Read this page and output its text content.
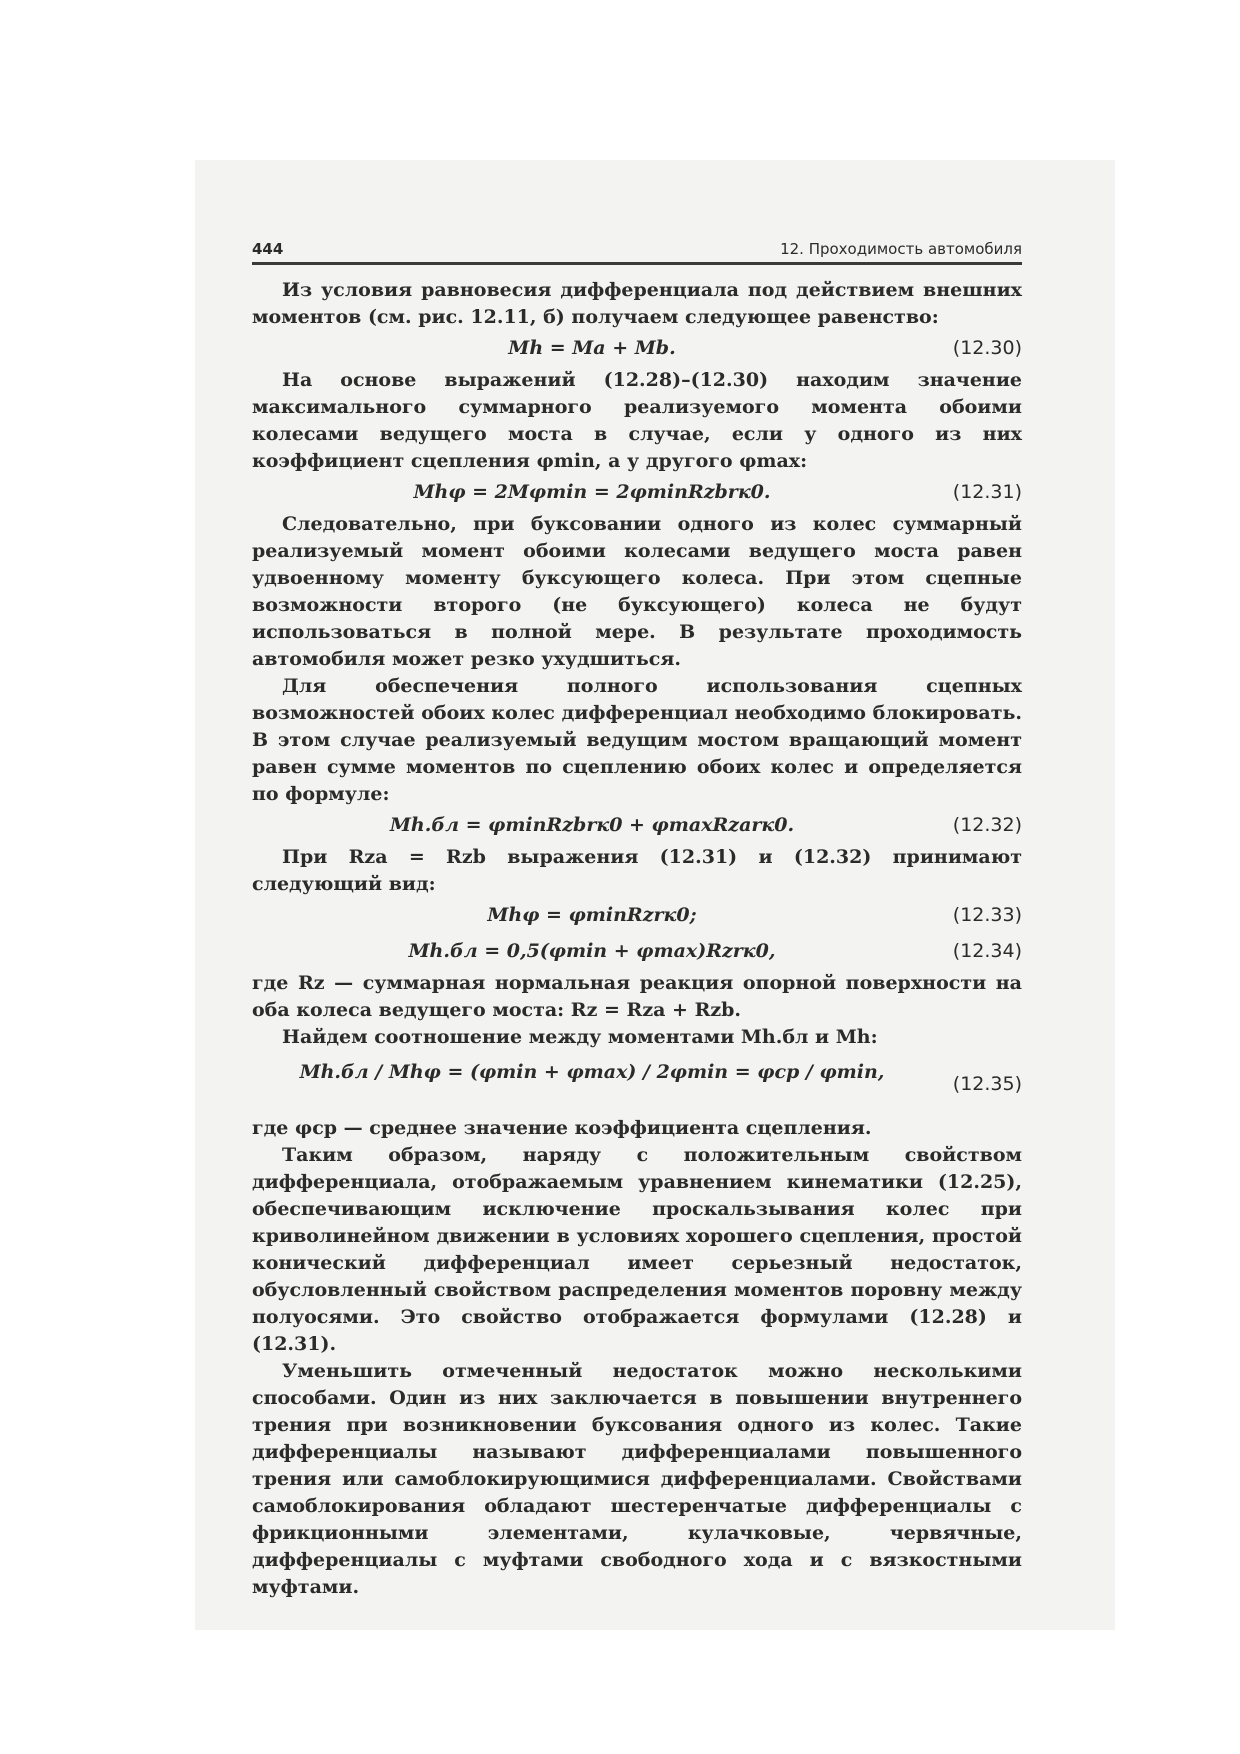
444	12. Проходимость автомобиля

Из условия равновесия дифференциала под действием внешних моментов (см. рис. 12.11, б) получаем следующее равенство:

Mh = Ma + Mb.	(12.30)

На основе выражений (12.28)–(12.30) находим значение максимального суммарного реализуемого момента обоими колесами ведущего моста в случае, если у одного из них коэффициент сцепления φmin, а у другого φmax:

Mhφ = 2Mφmin = 2φminRzbrк0.	(12.31)

Следовательно, при буксовании одного из колес суммарный реализуемый момент обоими колесами ведущего моста равен удвоенному моменту буксующего колеса. При этом сцепные возможности второго (не буксующего) колеса не будут использоваться в полной мере. В результате проходимость автомобиля может резко ухудшиться.

Для обеспечения полного использования сцепных возможностей обоих колес дифференциал необходимо блокировать. В этом случае реализуемый ведущим мостом вращающий момент равен сумме моментов по сцеплению обоих колес и определяется по формуле:

Mh.бл = φminRzbrк0 + φmaxRzarк0.	(12.32)

При Rza = Rzb выражения (12.31) и (12.32) принимают следующий вид:

Mhφ = φminRzrк0;	(12.33)
Mh.бл = 0,5(φmin + φmax)Rzrк0,	(12.34)

где Rz — суммарная нормальная реакция опорной поверхности на оба колеса ведущего моста: Rz = Rza + Rzb.

Найдем соотношение между моментами Mh.бл и Mh:

Mh.бл / Mhφ = (φmin + φmax) / 2φmin = φср / φmin,
(12.35)

где φср — среднее значение коэффициента сцепления.

Таким образом, наряду с положительным свойством дифференциала, отображаемым уравнением кинематики (12.25), обеспечивающим исключение проскальзывания колес при криволинейном движении в условиях хорошего сцепления, простой конический дифференциал имеет серьезный недостаток, обусловленный свойством распределения моментов поровну между полуосями. Это свойство отображается формулами (12.28) и (12.31).

Уменьшить отмеченный недостаток можно несколькими способами. Один из них заключается в повышении внутреннего трения при возникновении буксования одного из колес. Такие дифференциалы называют дифференциалами повышенного трения или самоблокирующимися дифференциалами. Свойствами самоблокирования обладают шестеренчатые дифференциалы с фрикционными элементами, кулачковые, червячные, дифференциалы с муфтами свободного хода и с вязкостными муфтами.
